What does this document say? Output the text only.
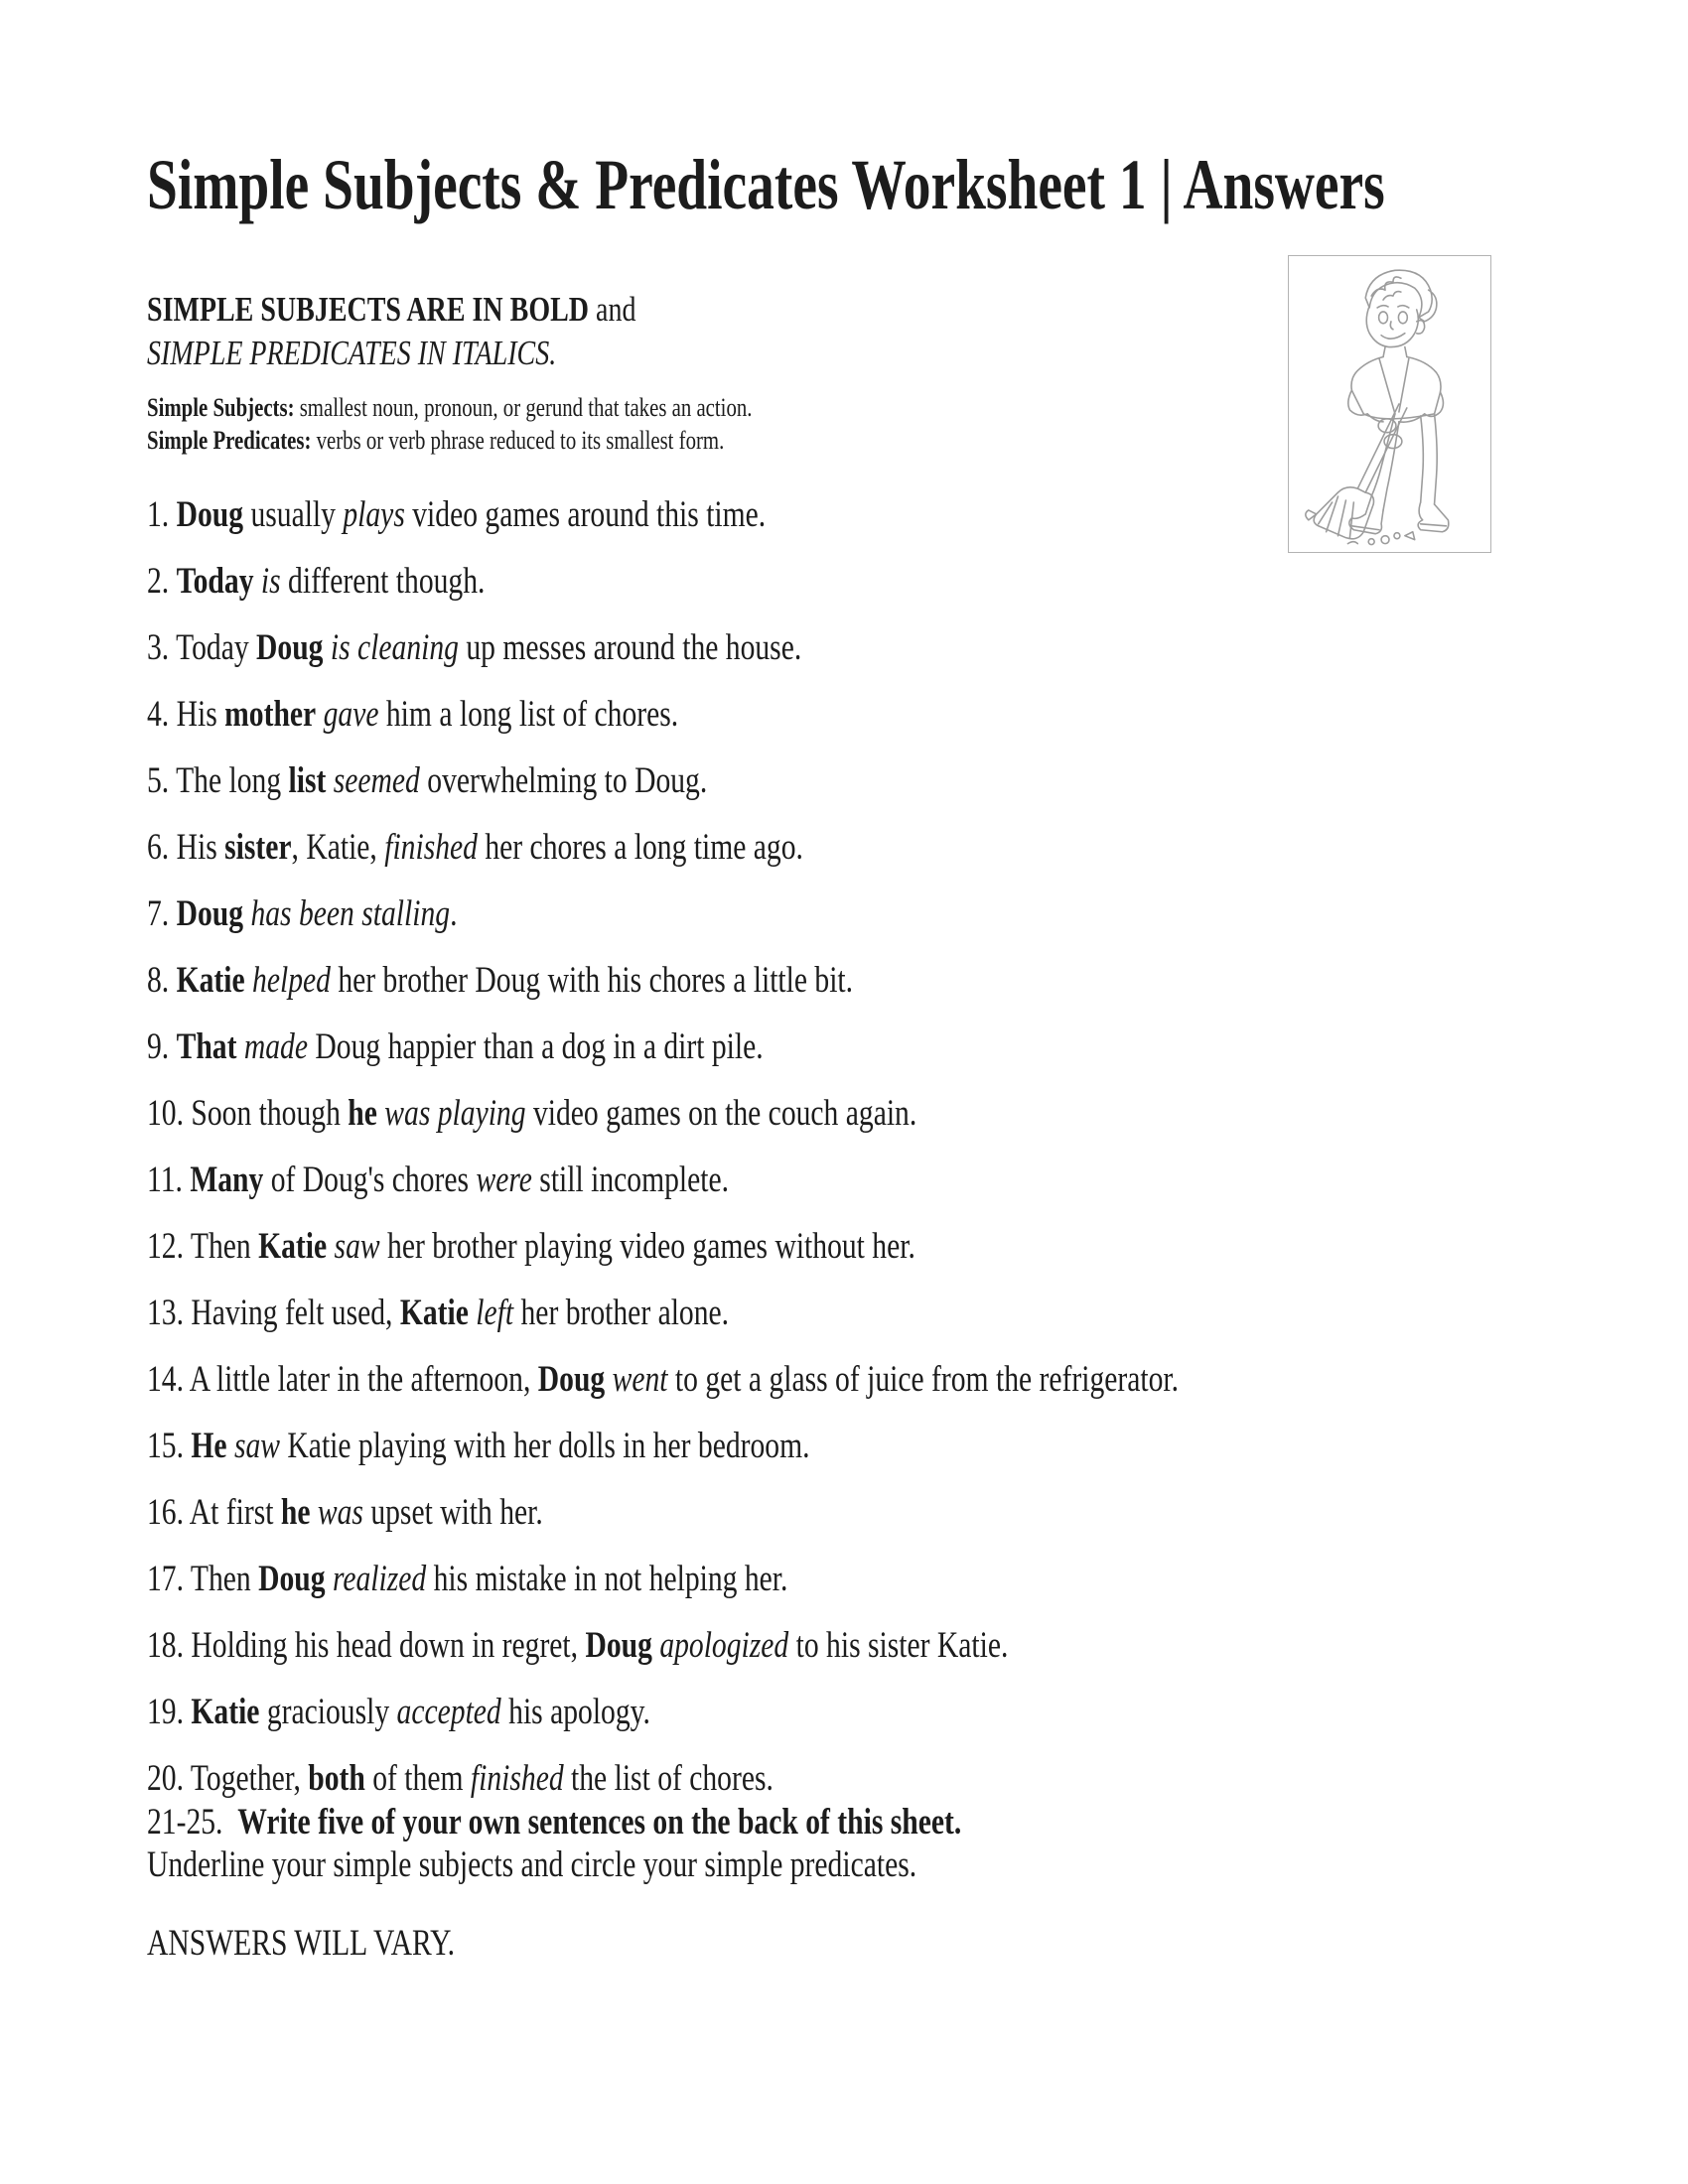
Simple Subjects & Predicates Worksheet 1 | Answers
SIMPLE SUBJECTS ARE IN BOLD and
SIMPLE PREDICATES IN ITALICS.
Simple Subjects: smallest noun, pronoun, or gerund that takes an action.
Simple Predicates: verbs or verb phrase reduced to its smallest form.
1. Doug usually plays video games around this time.
2. Today is different though.
3. Today Doug is cleaning up messes around the house.
4. His mother gave him a long list of chores.
5. The long list seemed overwhelming to Doug.
6. His sister, Katie, finished her chores a long time ago.
7. Doug has been stalling.
8. Katie helped her brother Doug with his chores a little bit.
9. That made Doug happier than a dog in a dirt pile.
10. Soon though he was playing video games on the couch again.
11. Many of Doug's chores were still incomplete.
12. Then Katie saw her brother playing video games without her.
13. Having felt used, Katie left her brother alone.
14. A little later in the afternoon, Doug went to get a glass of juice from the refrigerator.
15. He saw Katie playing with her dolls in her bedroom.
16. At first he was upset with her.
17. Then Doug realized his mistake in not helping her.
18. Holding his head down in regret, Doug apologized to his sister Katie.
19. Katie graciously accepted his apology.
20. Together, both of them finished the list of chores.
21-25.  Write five of your own sentences on the back of this sheet.
Underline your simple subjects and circle your simple predicates.
ANSWERS WILL VARY.
